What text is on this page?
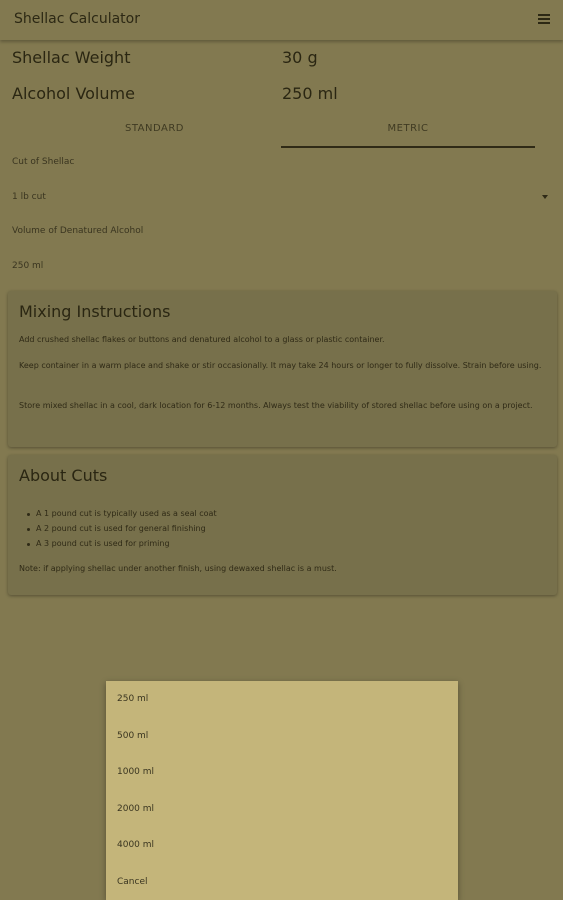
Shellac Calculator
Shellac Weight	30 g
Alcohol Volume	250 ml
STANDARD	METRIC
Cut of Shellac
1 lb cut
Volume of Denatured Alcohol
250 ml
Mixing Instructions
Add crushed shellac flakes or buttons and denatured alcohol to a glass or plastic container.
Keep container in a warm place and shake or stir occasionally. It may take 24 hours or longer to fully dissolve. Strain before using.
Store mixed shellac in a cool, dark location for 6-12 months. Always test the viability of stored shellac before using on a project.
About Cuts
A 1 pound cut is typically used as a seal coat
A 2 pound cut is used for general finishing
A 3 pound cut is used for priming
Note: if applying shellac under another finish, using dewaxed shellac is a must.
250 ml
500 ml
1000 ml
2000 ml
4000 ml
Cancel
